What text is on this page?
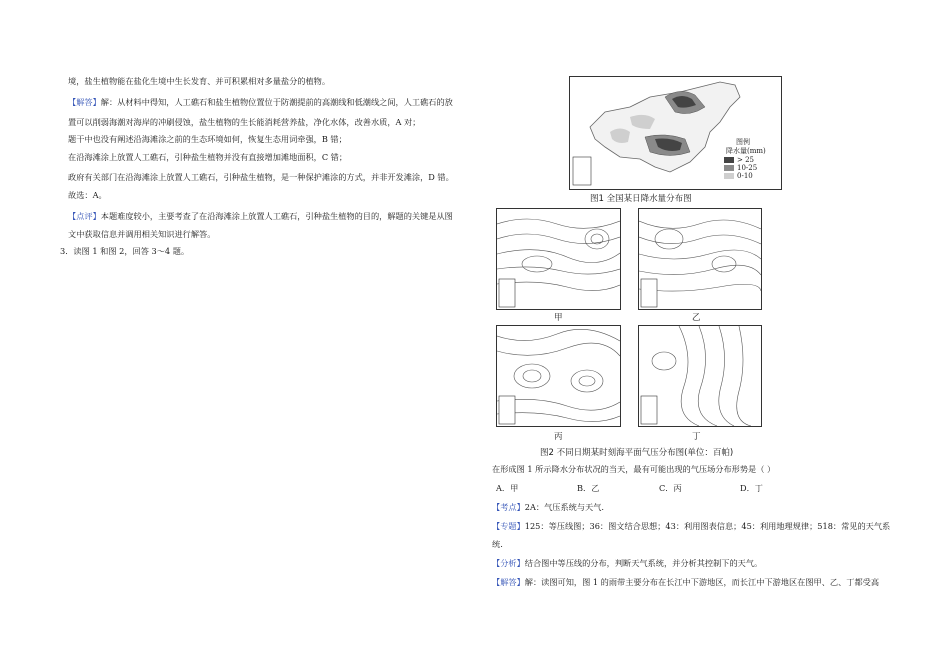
境，盐生植物能在盐化生境中生长发育、并可积累相对多量盐分的植物。
【解答】解：从材料中得知，人工礁石和盐生植物位置位于防潮提前的高潮线和低潮线之间，人工礁石的放
置可以削弱海潮对海岸的冲刷侵蚀，盐生植物的生长能消耗营养盐，净化水体，改善水质，A 对；
题干中也没有阐述沿海滩涂之前的生态环境如何，恢复生态用词牵强，B 错；
在沿海滩涂上放置人工礁石，引种盐生植物并没有直接增加滩地面积，C 错；
政府有关部门在沿海滩涂上放置人工礁石，引种盐生植物，是一种保护滩涂的方式，并非开发滩涂，D 错。
故选：A。
【点评】本题难度较小，主要考查了在沿海滩涂上放置人工礁石，引种盐生植物的目的，解题的关键是从图
文中获取信息并调用相关知识进行解答。
3．读图 1 和图 2，回答 3～4 题。
图例
降水量(mm)
> 25
10-25
0-10
图1 全国某日降水量分布图
甲	乙
丙	丁
图2 不同日期某时刻海平面气压分布图(单位：百帕)
在形成图 1 所示降水分布状况的当天，最有可能出现的气压场分布形势是（ ）
A．甲	B．乙	C．丙	D．丁
【考点】2A：气压系统与天气.
【专题】125：等压线图；36：图文结合思想；43：利用图表信息；45：利用地理规律；518：常见的天气系
统.
【分析】结合图中等压线的分布，判断天气系统，并分析其控制下的天气。
【解答】解：读图可知，图 1 的雨带主要分布在长江中下游地区，而长江中下游地区在图甲、乙、丁都受高
